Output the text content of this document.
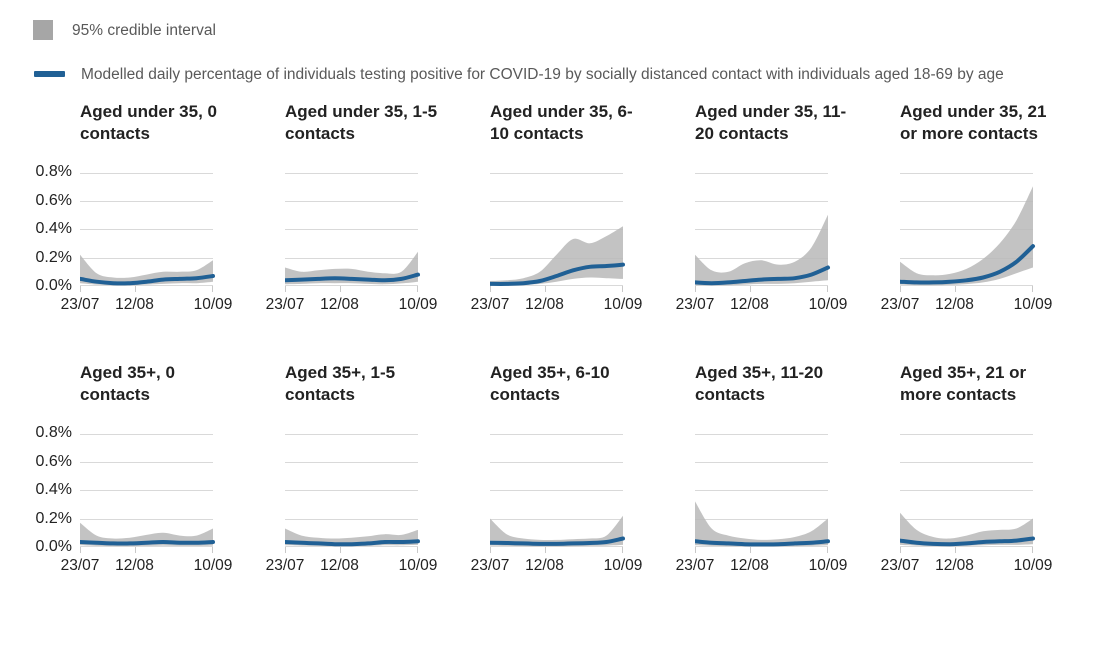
95% credible interval
Modelled daily percentage of individuals testing positive for COVID-19 by socially distanced contact with individuals aged 18-69 by age
0.0%
0.2%
0.4%
0.6%
0.8%
Aged under 35, 0 contacts
23/07 12/08	10/09
Aged under 35, 1-5 contacts
23/07 12/08	10/09
Aged under 35, 6-10 contacts
23/07 12/08	10/09
Aged under 35, 11-20 contacts
23/07 12/08	10/09
Aged under 35, 21 or more contacts
23/07 12/08	10/09
0.0%
0.2%
0.4%
0.6%
0.8%
Aged 35+, 0 contacts
23/07 12/08	10/09
Aged 35+, 1-5 contacts
23/07 12/08	10/09
Aged 35+, 6-10 contacts
23/07 12/08	10/09
Aged 35+, 11-20 contacts
23/07 12/08	10/09
Aged 35+, 21 or more contacts
23/07 12/08	10/09
